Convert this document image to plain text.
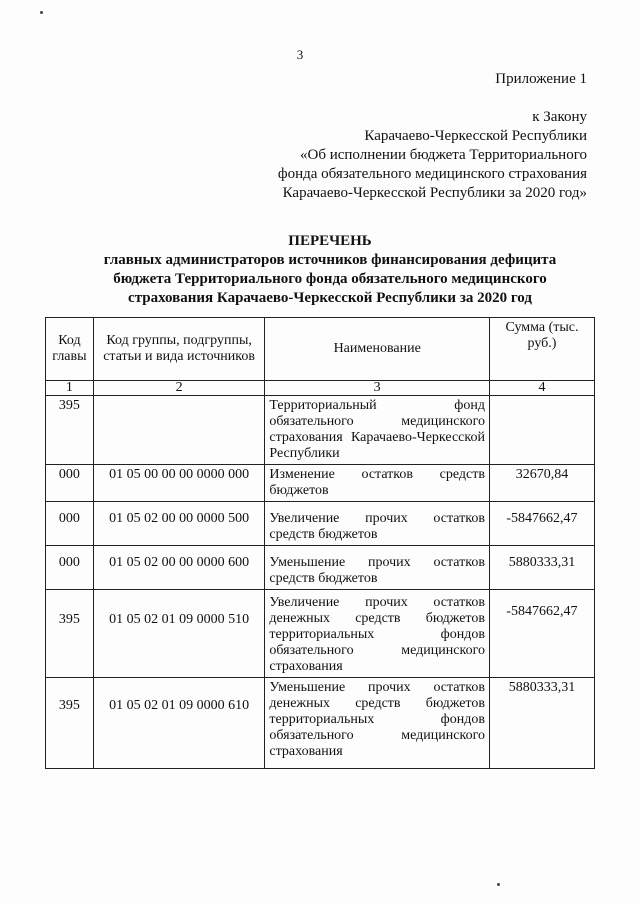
3
Приложение 1
к Закону
Карачаево-Черкесской Республики
«Об исполнении бюджета Территориального
фонда обязательного медицинского страхования
Карачаево-Черкесской Республики за 2020 год»
ПЕРЕЧЕНЬ
главных администраторов источников финансирования дефицита
бюджета Территориального фонда обязательного медицинского
страхования Карачаево-Черкесской Республики за 2020 год
Код главы	Код группы, подгруппы, статьи и вида источников	Наименование	Сумма (тыс. руб.)
1	2	3	4
395		Территориальный фонд обязательного медицинского страхования Карачаево-Черкесской Республики	
000	01 05 00 00 00 0000 000	Изменение остатков средств бюджетов	32670,84
000	01 05 02 00 00 0000 500	Увеличение прочих остатков средств бюджетов	-5847662,47
000	01 05 02 00 00 0000 600	Уменьшение прочих остатков средств бюджетов	5880333,31
395	01 05 02 01 09 0000 510	Увеличение прочих остатков денежных средств бюджетов территориальных фондов обязательного медицинского страхования	-5847662,47
395	01 05 02 01 09 0000 610	Уменьшение прочих остатков денежных средств бюджетов территориальных фондов обязательного медицинского страхования	5880333,31
